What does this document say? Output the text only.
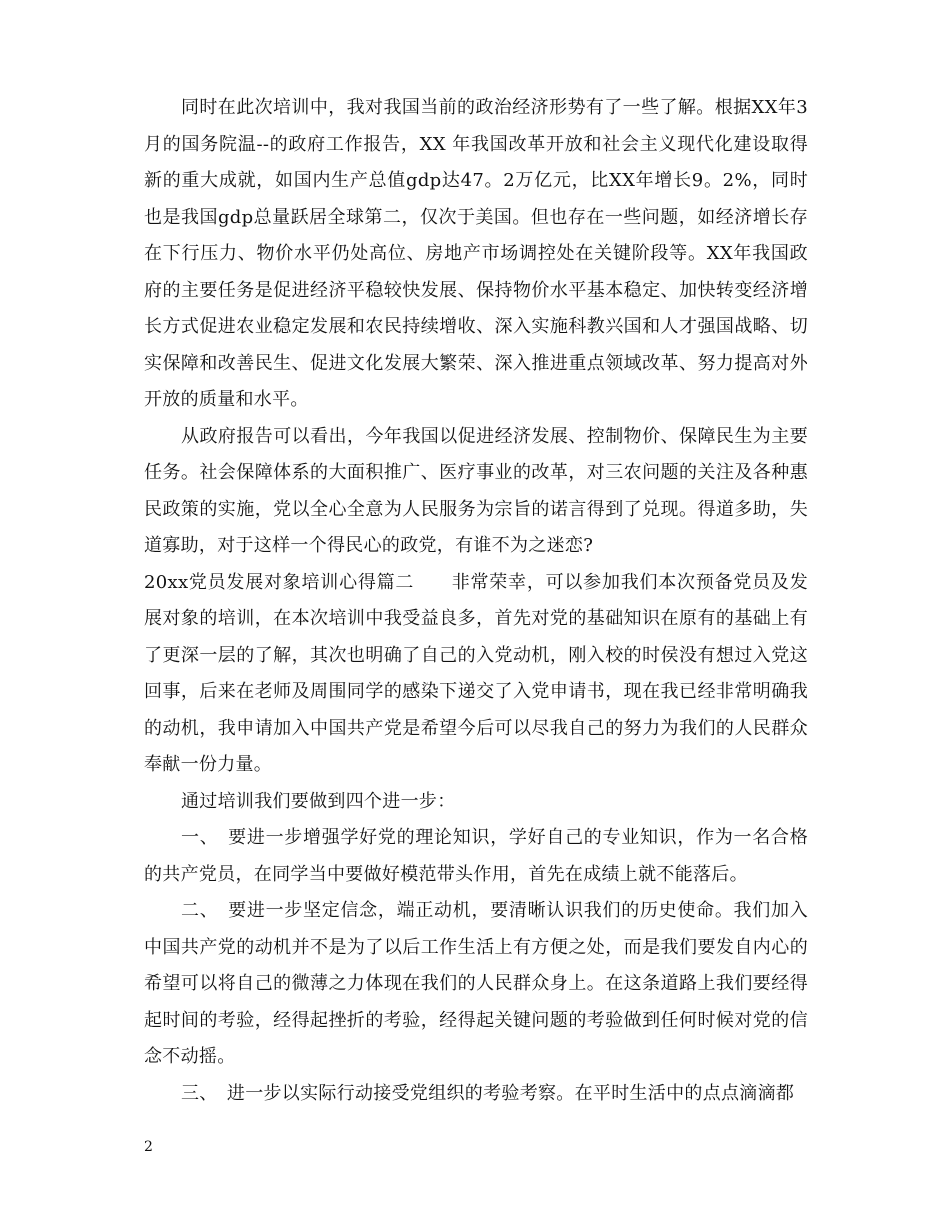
同时在此次培训中，我对我国当前的政治经济形势有了一些了解。根据XX年3月的国务院温--的政府工作报告，XX 年我国改革开放和社会主义现代化建设取得新的重大成就，如国内生产总值gdp达47。2万亿元，比XX年增长9。2%，同时也是我国gdp总量跃居全球第二，仅次于美国。但也存在一些问题，如经济增长存在下行压力、物价水平仍处高位、房地产市场调控处在关键阶段等。XX年我国政府的主要任务是促进经济平稳较快发展、保持物价水平基本稳定、加快转变经济增长方式促进农业稳定发展和农民持续增收、深入实施科教兴国和人才强国战略、切实保障和改善民生、促进文化发展大繁荣、深入推进重点领域改革、努力提高对外开放的质量和水平。

从政府报告可以看出，今年我国以促进经济发展、控制物价、保障民生为主要任务。社会保障体系的大面积推广、医疗事业的改革，对三农问题的关注及各种惠民政策的实施，党以全心全意为人民服务为宗旨的诺言得到了兑现。得道多助，失道寡助，对于这样一个得民心的政党，有谁不为之迷恋?

20xx党员发展对象培训心得篇二　　非常荣幸，可以参加我们本次预备党员及发展对象的培训，在本次培训中我受益良多，首先对党的基础知识在原有的基础上有了更深一层的了解，其次也明确了自己的入党动机，刚入校的时侯没有想过入党这回事，后来在老师及周围同学的感染下递交了入党申请书，现在我已经非常明确我的动机，我申请加入中国共产党是希望今后可以尽我自己的努力为我们的人民群众奉献一份力量。

通过培训我们要做到四个进一步：

一、　要进一步增强学好党的理论知识，学好自己的专业知识，作为一名合格的共产党员，在同学当中要做好模范带头作用，首先在成绩上就不能落后。

二、　要进一步坚定信念，端正动机，要清晰认识我们的历史使命。我们加入中国共产党的动机并不是为了以后工作生活上有方便之处，而是我们要发自内心的希望可以将自己的微薄之力体现在我们的人民群众身上。在这条道路上我们要经得起时间的考验，经得起挫折的考验，经得起关键问题的考验做到任何时候对党的信念不动摇。

三、　进一步以实际行动接受党组织的考验考察。在平时生活中的点点滴滴都

2
